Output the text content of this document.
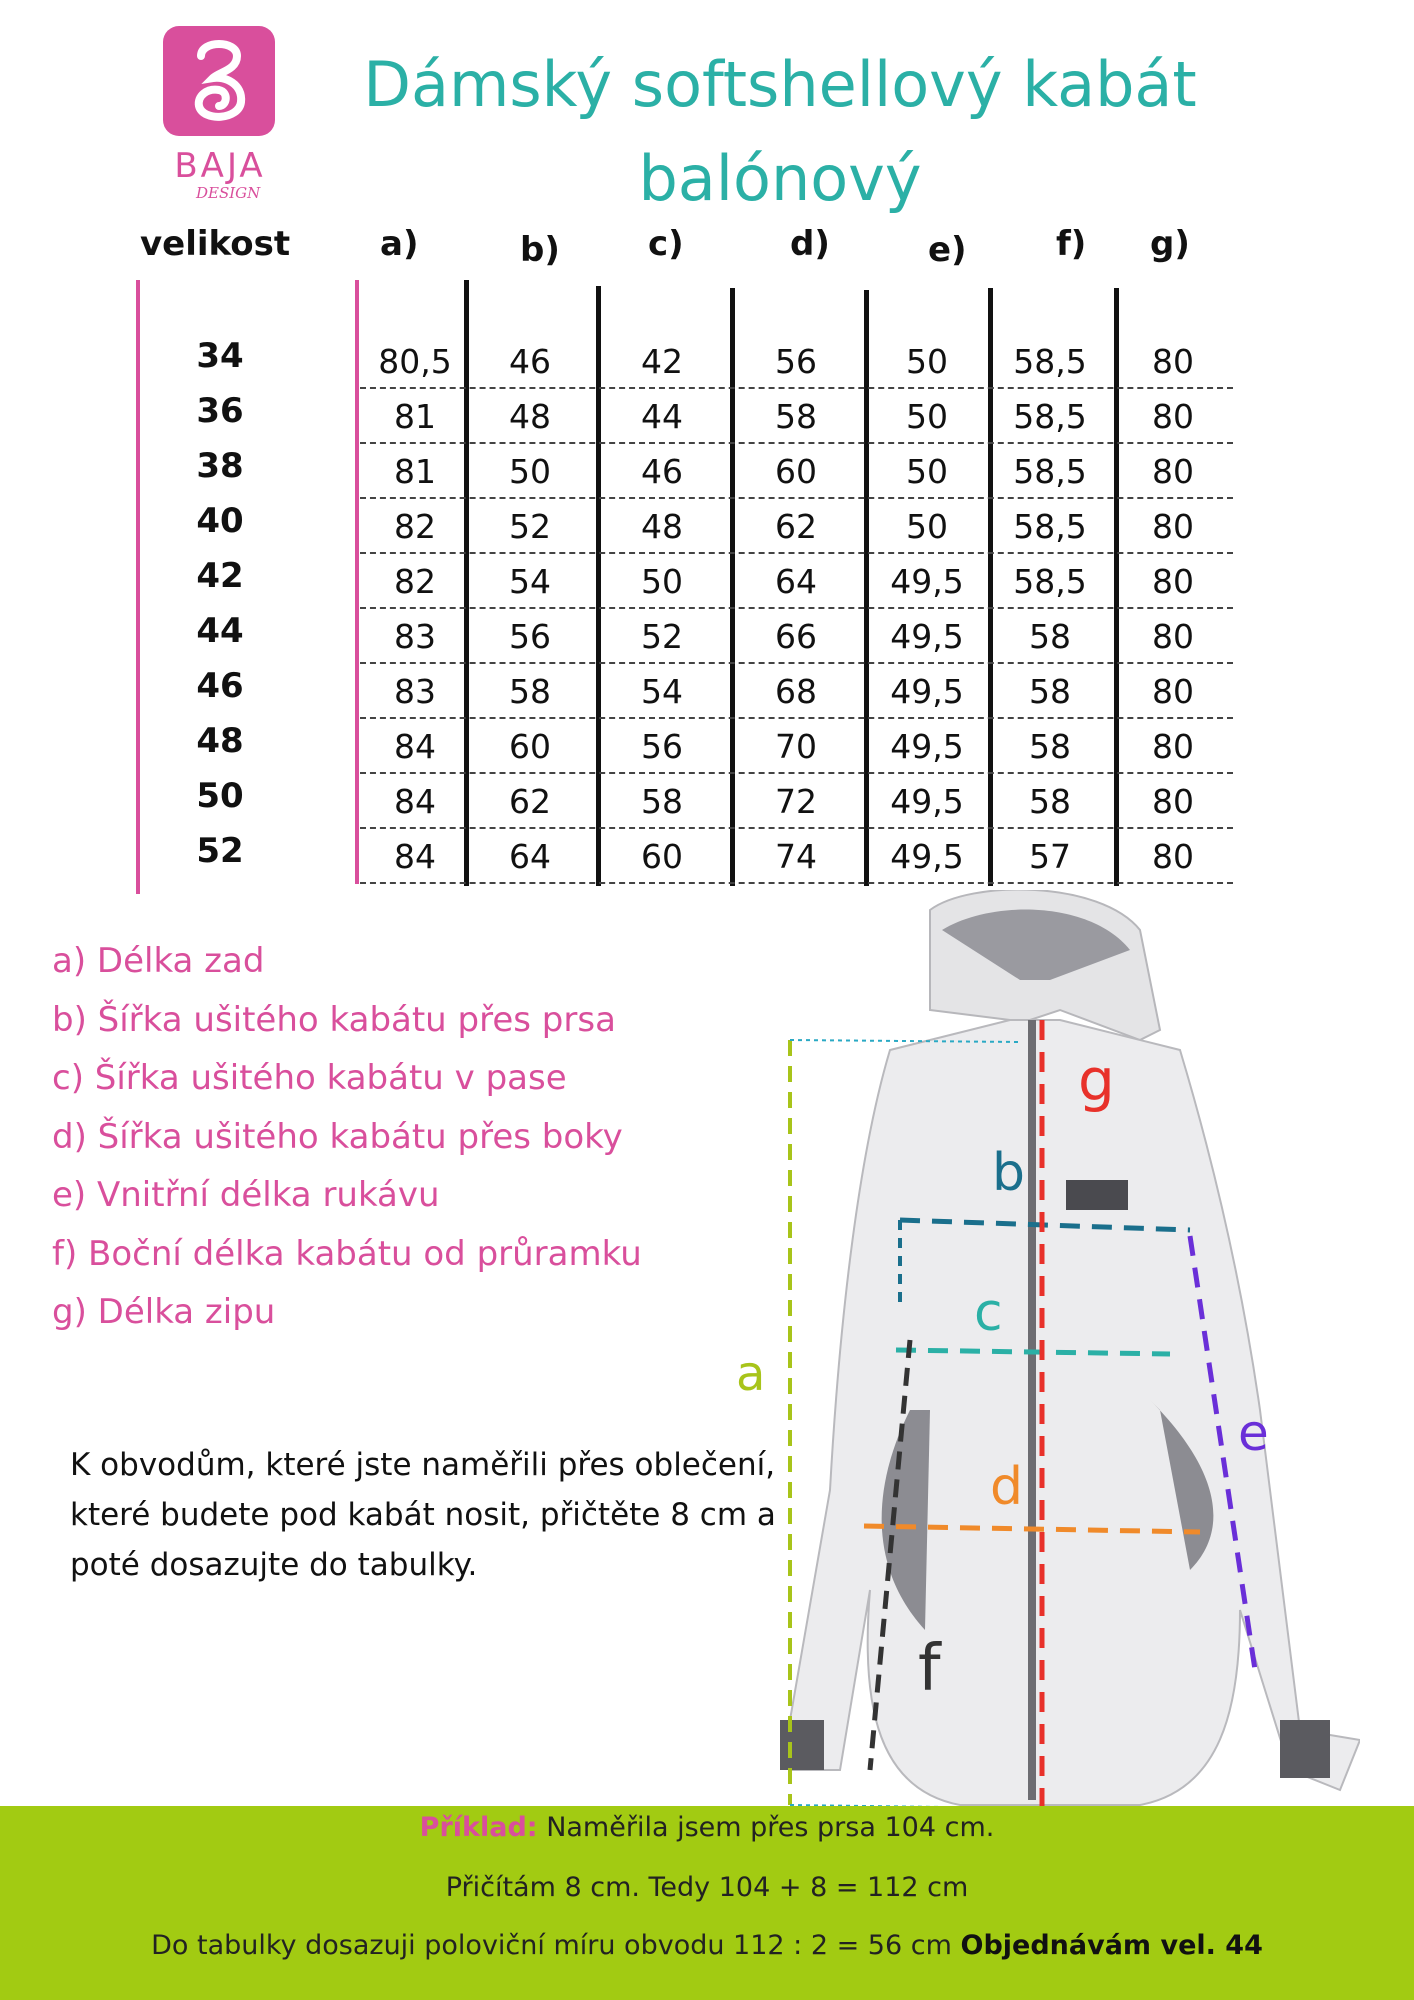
BAJA
DESIGN
Dámský softshellový kabát balónový
velikost	a)	b)	c)	d)	e)	f) g)
34	80,5	46	42	56	50	58,5	80
36	81	48	44	58	50	58,5	80
38	81	50	46	60	50	58,5	80
40	82	52	48	62	50	58,5	80
42	82	54	50	64	49,5	58,5	80
44	83	56	52	66	49,5	58	80
46	83	58	54	68	49,5	58	80
48	84	60	56	70	49,5	58	80
50	84	62	58	72	49,5	58	80
52	84	64	60	74	49,5	57	80
a) Délka zad
b) Šířka ušitého kabátu přes prsa
c) Šířka ušitého kabátu v pase
d) Šířka ušitého kabátu přes boky
e) Vnitřní délka rukávu
f) Boční délka kabátu od průramku
g) Délka zipu
K obvodům, které jste naměřili přes oblečení, které budete pod kabát nosit, přičtěte 8 cm a poté dosazujte do tabulky.
a
b
c
d
e
f
g
Příklad: Naměřila jsem přes prsa 104 cm.
Přičítám 8 cm. Tedy 104 + 8 = 112 cm
Do tabulky dosazuji poloviční míru obvodu 112 : 2 = 56 cm Objednávám vel. 44
